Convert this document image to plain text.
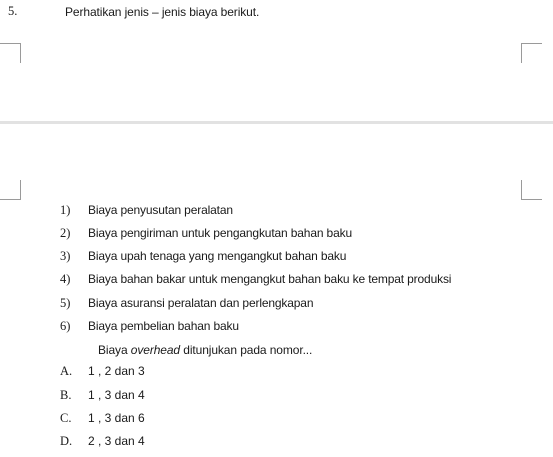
5.	Perhatikan jenis – jenis biaya berikut.
1) Biaya penyusutan peralatan
2) Biaya pengiriman untuk pengangkutan bahan baku
3) Biaya upah tenaga yang mengangkut bahan baku
4) Biaya bahan bakar untuk mengangkut bahan baku ke tempat produksi
5) Biaya asuransi peralatan dan perlengkapan
6) Biaya pembelian bahan baku
Biaya overhead ditunjukan pada nomor...
A. 1 , 2 dan 3
B. 1 , 3 dan 4
C. 1 , 3 dan 6
D. 2 , 3 dan 4
